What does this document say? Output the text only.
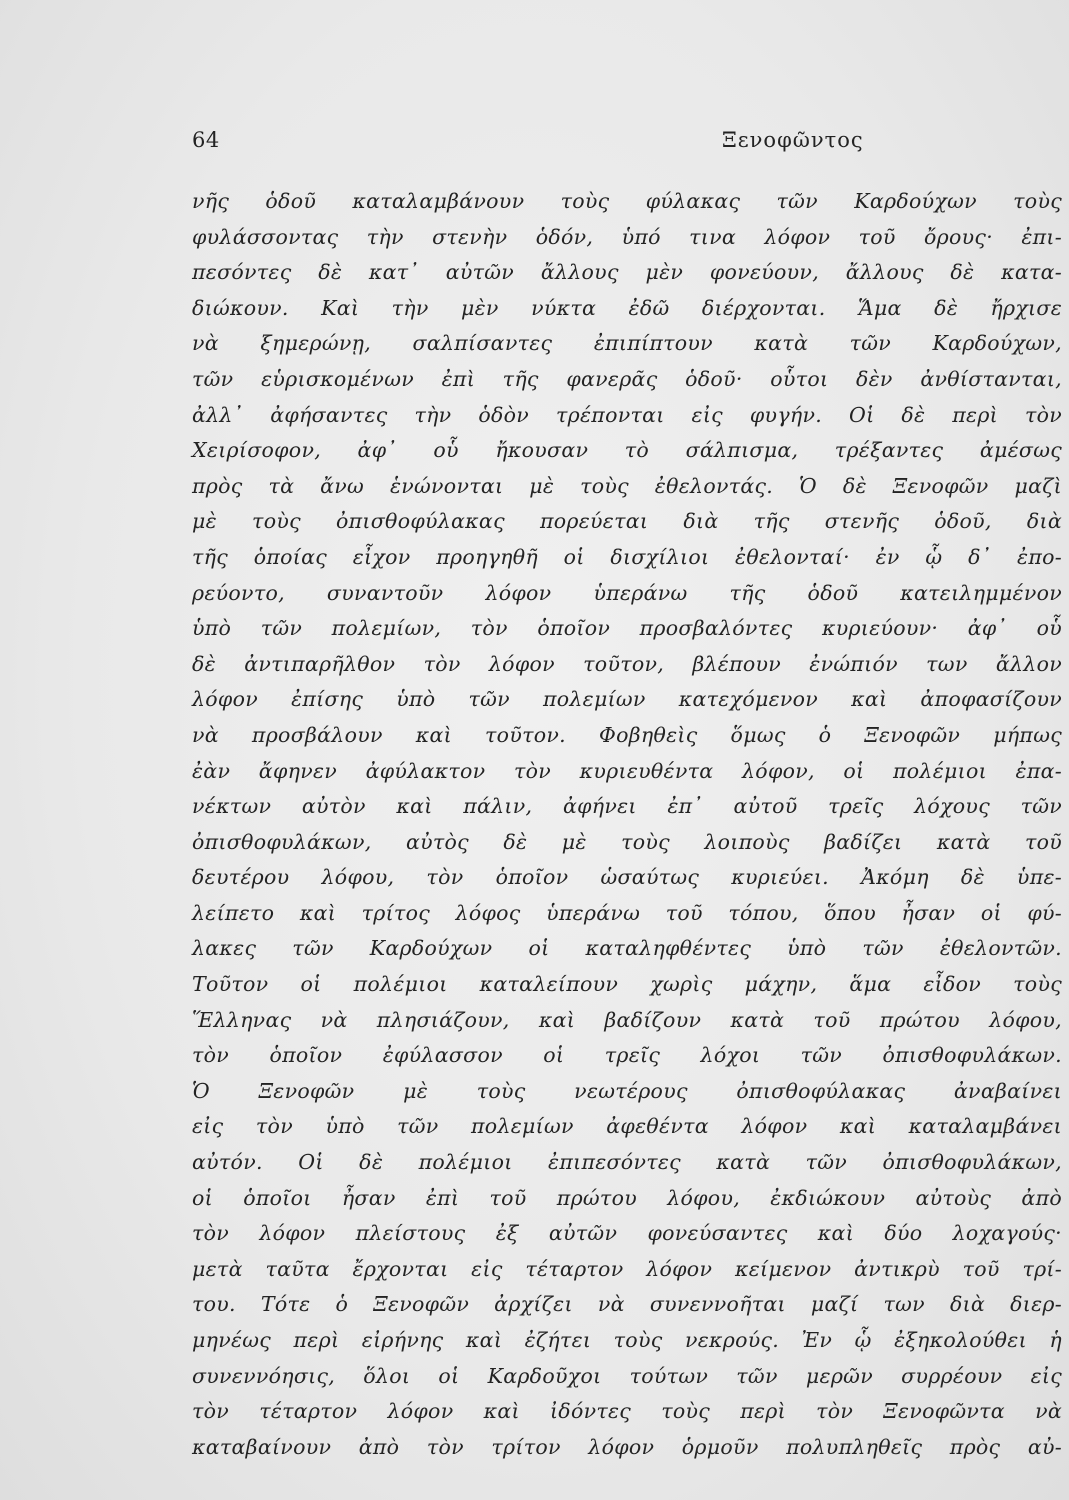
64	Ξενοφῶντος
νῆς ὁδοῦ καταλαμβάνουν τοὺς φύλακας τῶν Καρδούχων τοὺς
φυλάσσοντας τὴν στενὴν ὁδόν, ὑπό τινα λόφον τοῦ ὄρους· ἐπι-
πεσόντες δὲ κατ᾽ αὐτῶν ἄλλους μὲν φονεύουν, ἄλλους δὲ κατα-
διώκουν. Καὶ τὴν μὲν νύκτα ἐδῶ διέρχονται. Ἅμα δὲ ἤρχισε
νὰ ξημερώνῃ, σαλπίσαντες ἐπιπίπτουν κατὰ τῶν Καρδούχων,
τῶν εὑρισκομένων ἐπὶ τῆς φανερᾶς ὁδοῦ· οὗτοι δὲν ἀνθίστανται,
ἀλλ᾽ ἀφήσαντες τὴν ὁδὸν τρέπονται εἰς φυγήν. Οἱ δὲ περὶ τὸν
Χειρίσοφον, ἀφ᾽ οὗ ἤκουσαν τὸ σάλπισμα, τρέξαντες ἀμέσως
πρὸς τὰ ἄνω ἑνώνονται μὲ τοὺς ἐθελοντάς. Ὁ δὲ Ξενοφῶν μαζὶ
μὲ τοὺς ὀπισθοφύλακας πορεύεται διὰ τῆς στενῆς ὁδοῦ, διὰ
τῆς ὁποίας εἶχον προηγηθῆ οἱ δισχίλιοι ἐθελονταί· ἐν ᾧ δ᾽ ἐπο-
ρεύοντο, συναντοῦν λόφον ὑπεράνω τῆς ὁδοῦ κατειλημμένον
ὑπὸ τῶν πολεμίων, τὸν ὁποῖον προσβαλόντες κυριεύουν· ἀφ᾽ οὗ
δὲ ἀντιπαρῆλθον τὸν λόφον τοῦτον, βλέπουν ἐνώπιόν των ἄλλον
λόφον ἐπίσης ὑπὸ τῶν πολεμίων κατεχόμενον καὶ ἀποφασίζουν
νὰ προσβάλουν καὶ τοῦτον. Φοβηθεὶς ὅμως ὁ Ξενοφῶν μήπως
ἐὰν ἄφηνεν ἀφύλακτον τὸν κυριευθέντα λόφον, οἱ πολέμιοι ἐπα-
νέκτων αὐτὸν καὶ πάλιν, ἀφήνει ἐπ᾽ αὐτοῦ τρεῖς λόχους τῶν
ὀπισθοφυλάκων, αὐτὸς δὲ μὲ τοὺς λοιποὺς βαδίζει κατὰ τοῦ
δευτέρου λόφου, τὸν ὁποῖον ὡσαύτως κυριεύει. Ἀκόμη δὲ ὑπε-
λείπετο καὶ τρίτος λόφος ὑπεράνω τοῦ τόπου, ὅπου ἦσαν οἱ φύ-
λακες τῶν Καρδούχων οἱ καταληφθέντες ὑπὸ τῶν ἐθελοντῶν.
Τοῦτον οἱ πολέμιοι καταλείπουν χωρὶς μάχην, ἅμα εἶδον τοὺς
Ἕλληνας νὰ πλησιάζουν, καὶ βαδίζουν κατὰ τοῦ πρώτου λόφου,
τὸν ὁποῖον ἐφύλασσον οἱ τρεῖς λόχοι τῶν ὀπισθοφυλάκων.
Ὁ Ξενοφῶν μὲ τοὺς νεωτέρους ὀπισθοφύλακας ἀναβαίνει
εἰς τὸν ὑπὸ τῶν πολεμίων ἀφεθέντα λόφον καὶ καταλαμβάνει
αὐτόν. Οἱ δὲ πολέμιοι ἐπιπεσόντες κατὰ τῶν ὀπισθοφυλάκων,
οἱ ὁποῖοι ἦσαν ἐπὶ τοῦ πρώτου λόφου, ἐκδιώκουν αὐτοὺς ἀπὸ
τὸν λόφον πλείστους ἐξ αὐτῶν φονεύσαντες καὶ δύο λοχαγούς·
μετὰ ταῦτα ἔρχονται εἰς τέταρτον λόφον κείμενον ἀντικρὺ τοῦ τρί-
του. Τότε ὁ Ξενοφῶν ἀρχίζει νὰ συνεννοῆται μαζί των διὰ διερ-
μηνέως περὶ εἰρήνης καὶ ἐζήτει τοὺς νεκρούς. Ἐν ᾧ ἐξηκολούθει ἡ
συνεννόησις, ὅλοι οἱ Καρδοῦχοι τούτων τῶν μερῶν συρρέουν εἰς
τὸν τέταρτον λόφον καὶ ἰδόντες τοὺς περὶ τὸν Ξενοφῶντα νὰ
καταβαίνουν ἀπὸ τὸν τρίτον λόφον ὁρμοῦν πολυπληθεῖς πρὸς αὐ-
